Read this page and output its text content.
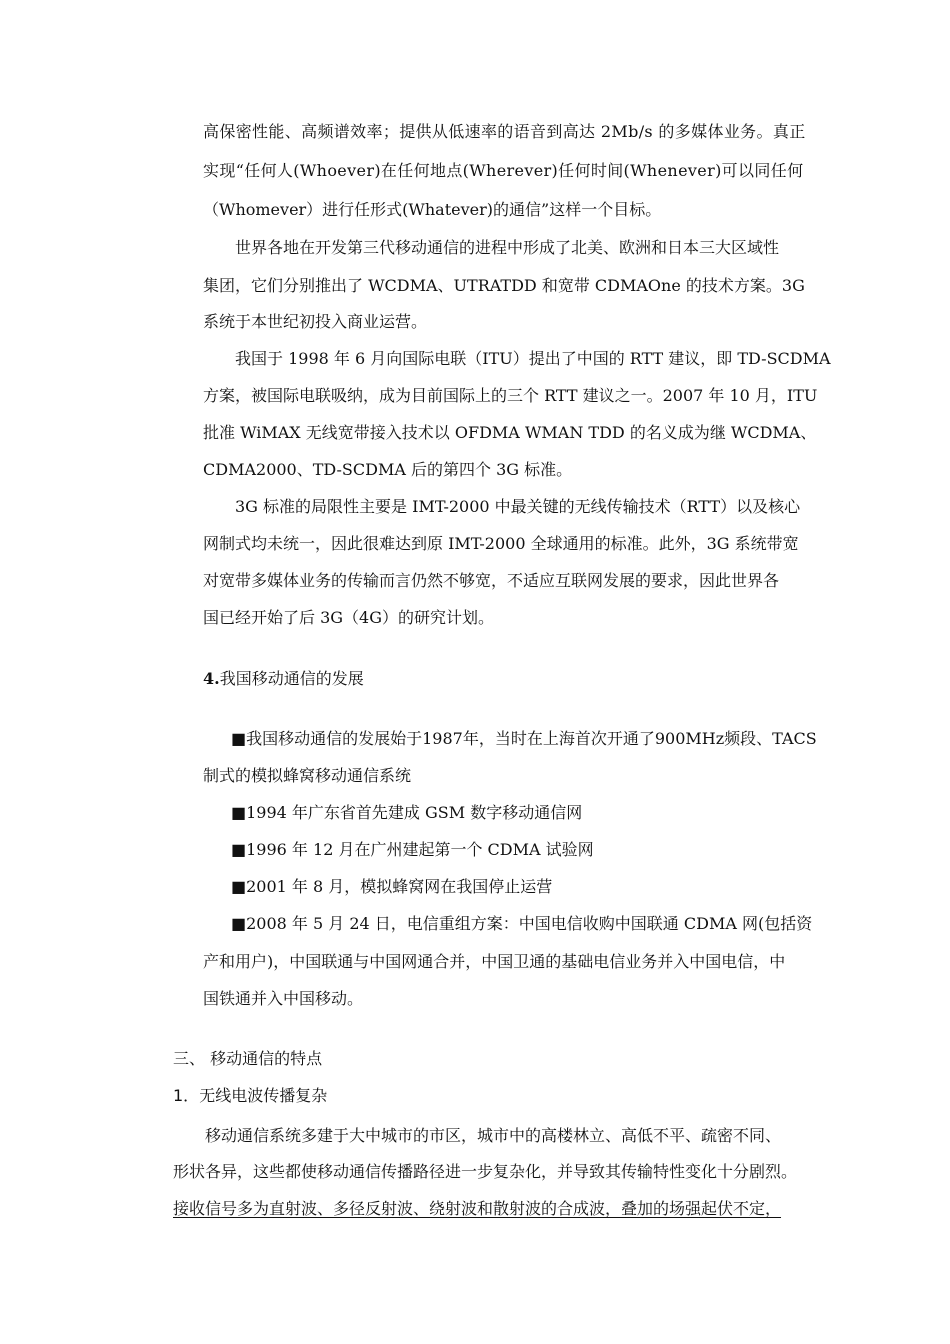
高保密性能、高频谱效率；提供从低速率的语音到高达 2Mb/s 的多媒体业务。真正
实现“任何人(Whoever)在任何地点(Wherever)任何时间(Whenever)可以同任何
（Whomever）进行任形式(Whatever)的通信”这样一个目标。
世界各地在开发第三代移动通信的进程中形成了北美、欧洲和日本三大区域性
集团，它们分别推出了 WCDMA、UTRATDD 和宽带 CDMAOne 的技术方案。3G
系统于本世纪初投入商业运营。
我国于 1998 年 6 月向国际电联（ITU）提出了中国的 RTT 建议，即 TD-SCDMA
方案，被国际电联吸纳，成为目前国际上的三个 RTT 建议之一。2007 年 10 月，ITU
批准 WiMAX 无线宽带接入技术以 OFDMA WMAN TDD 的名义成为继 WCDMA、
CDMA2000、TD-SCDMA 后的第四个 3G 标准。
3G 标准的局限性主要是 IMT-2000 中最关键的无线传输技术（RTT）以及核心
网制式均未统一，因此很难达到原 IMT-2000 全球通用的标准。此外，3G 系统带宽
对宽带多媒体业务的传输而言仍然不够宽，不适应互联网发展的要求，因此世界各
国已经开始了后 3G（4G）的研究计划。
4.我国移动通信的发展
■我国移动通信的发展始于1987年，当时在上海首次开通了900MHz频段、TACS
制式的模拟蜂窝移动通信系统
■1994 年广东省首先建成 GSM 数字移动通信网
■1996 年 12 月在广州建起第一个 CDMA 试验网
■2001 年 8 月，模拟蜂窝网在我国停止运营
■2008 年 5 月 24 日，电信重组方案：中国电信收购中国联通 CDMA 网(包括资
产和用户)，中国联通与中国网通合并，中国卫通的基础电信业务并入中国电信，中
国铁通并入中国移动。
三、 移动通信的特点
1．无线电波传播复杂
移动通信系统多建于大中城市的市区，城市中的高楼林立、高低不平、疏密不同、
形状各异，这些都使移动通信传播路径进一步复杂化，并导致其传输特性变化十分剧烈。
接收信号多为直射波、多径反射波、绕射波和散射波的合成波，叠加的场强起伏不定，
